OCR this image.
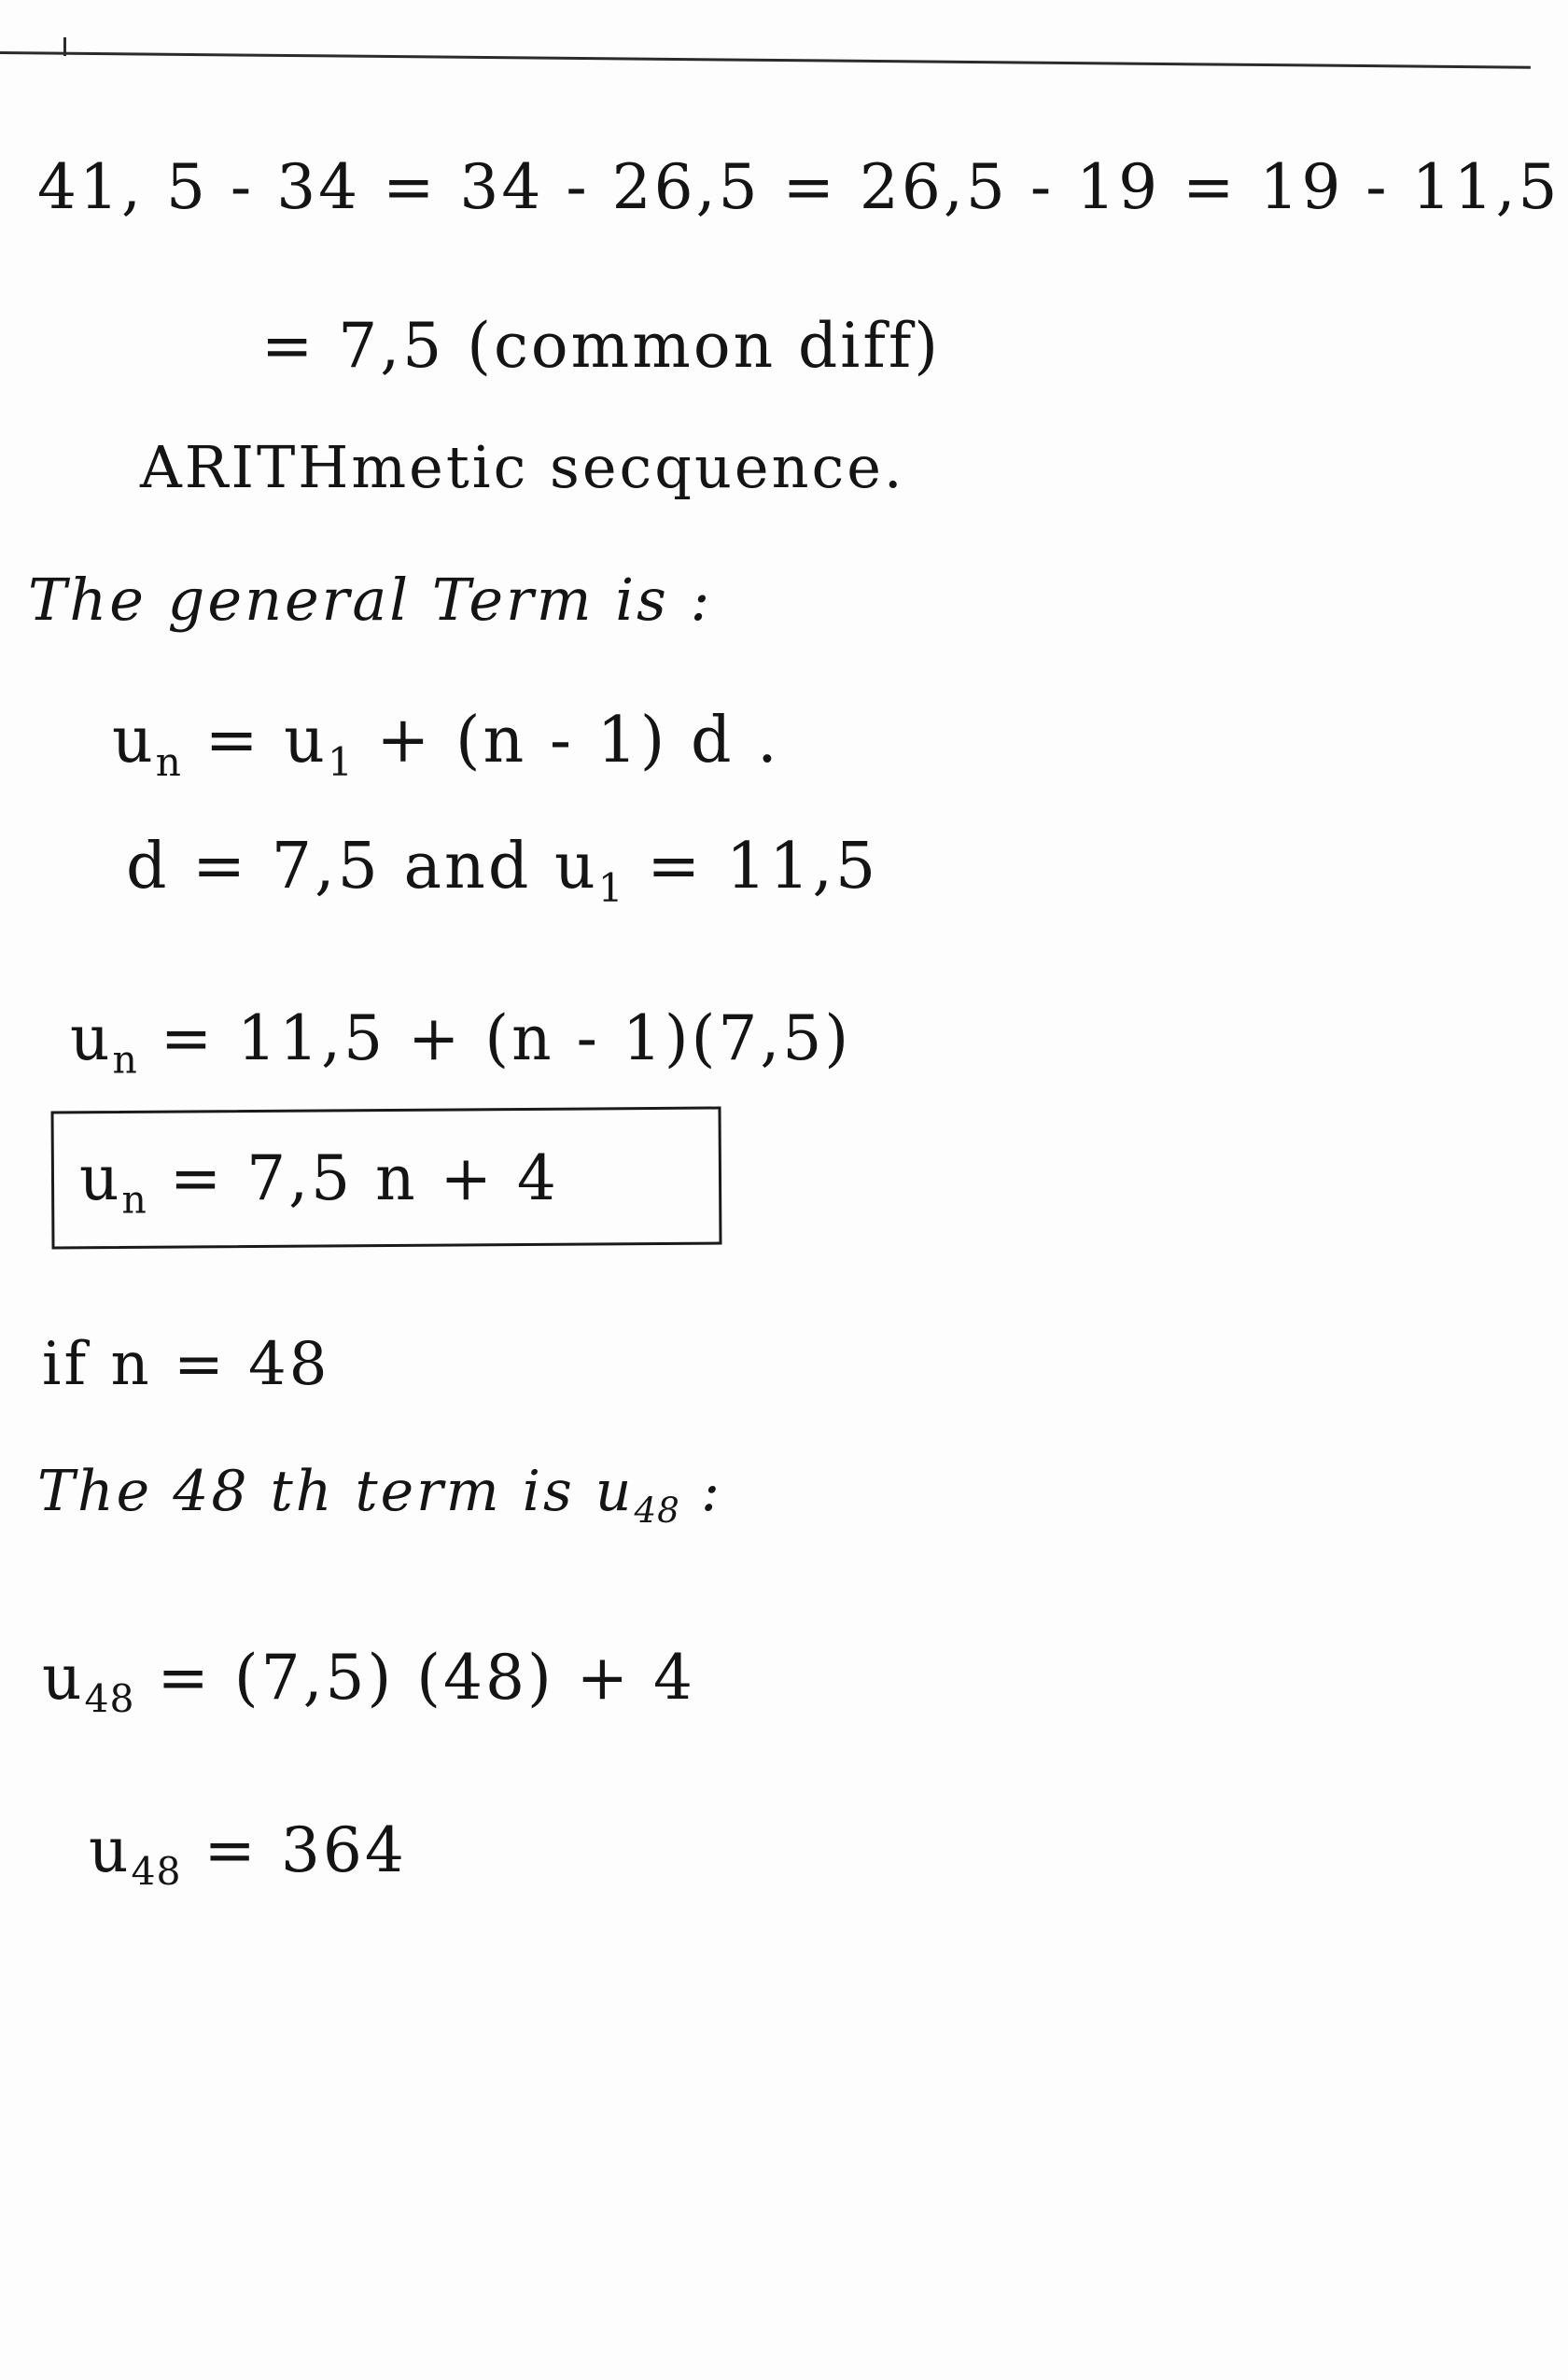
41, 5 - 34 = 34 - 26,5 = 26,5 - 19 = 19 - 11,5
= 7,5 (common diff)
ARITHmetic secquence.
The general Term is :
$u_n = u_1 + (n - 1)$ d .
d = 7,5 and $u_1 = 11,5$
$u_n = 11,5 + (n - 1)(7,5)$
$u_n = 7,5$ n + 4
if n = 48
The 48 th term is $u_{48}$ :
$u_{48} = (7,5) (48) + 4$
$u_{48} = 364$
